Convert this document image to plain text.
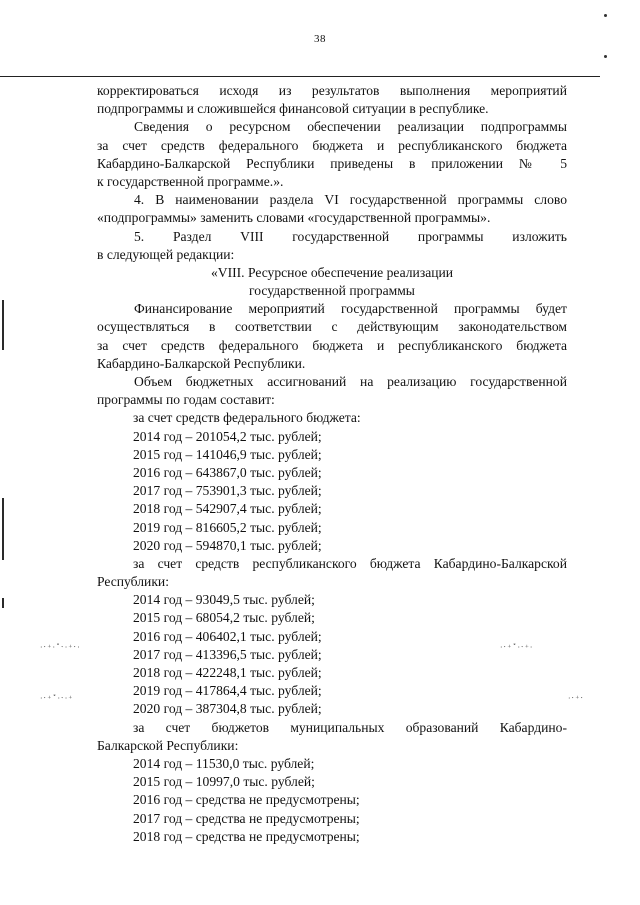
38
·ˑ⁺·˟ˑ·⁺ˑ·	·ˑ⁺˟·ˑ⁺·
·ˑ⁺˟·ˑ·⁺	·ˑ⁺ˑ
корректироваться исходя из результатов выполнения мероприятий
подпрограммы и сложившейся финансовой ситуации в республике.
Сведения о ресурсном обеспечении реализации подпрограммы
за счет средств федерального бюджета и республиканского бюджета
Кабардино-Балкарской Республики приведены в приложении № 5
к государственной программе.».
4. В наименовании раздела VI государственной программы слово
«подпрограммы» заменить словами «государственной программы».
5. Раздел VIII государственной программы изложить
в следующей редакции:
«VIII. Ресурсное обеспечение реализации
государственной программы
Финансирование мероприятий государственной программы будет
осуществляться в соответствии с действующим законодательством
за счет средств федерального бюджета и республиканского бюджета
Кабардино-Балкарской Республики.
Объем бюджетных ассигнований на реализацию государственной
программы по годам составит:
за счет средств федерального бюджета:
2014 год – 201054,2 тыс. рублей;
2015 год – 141046,9 тыс. рублей;
2016 год – 643867,0 тыс. рублей;
2017 год – 753901,3 тыс. рублей;
2018 год – 542907,4 тыс. рублей;
2019 год – 816605,2 тыс. рублей;
2020 год – 594870,1 тыс. рублей;
за счет средств республиканского бюджета Кабардино-Балкарской
Республики:
2014 год – 93049,5 тыс. рублей;
2015 год – 68054,2 тыс. рублей;
2016 год – 406402,1 тыс. рублей;
2017 год – 413396,5 тыс. рублей;
2018 год – 422248,1 тыс. рублей;
2019 год – 417864,4 тыс. рублей;
2020 год – 387304,8 тыс. рублей;
за счет бюджетов муниципальных образований Кабардино-
Балкарской Республики:
2014 год – 11530,0 тыс. рублей;
2015 год – 10997,0 тыс. рублей;
2016 год – средства не предусмотрены;
2017 год – средства не предусмотрены;
2018 год – средства не предусмотрены;
